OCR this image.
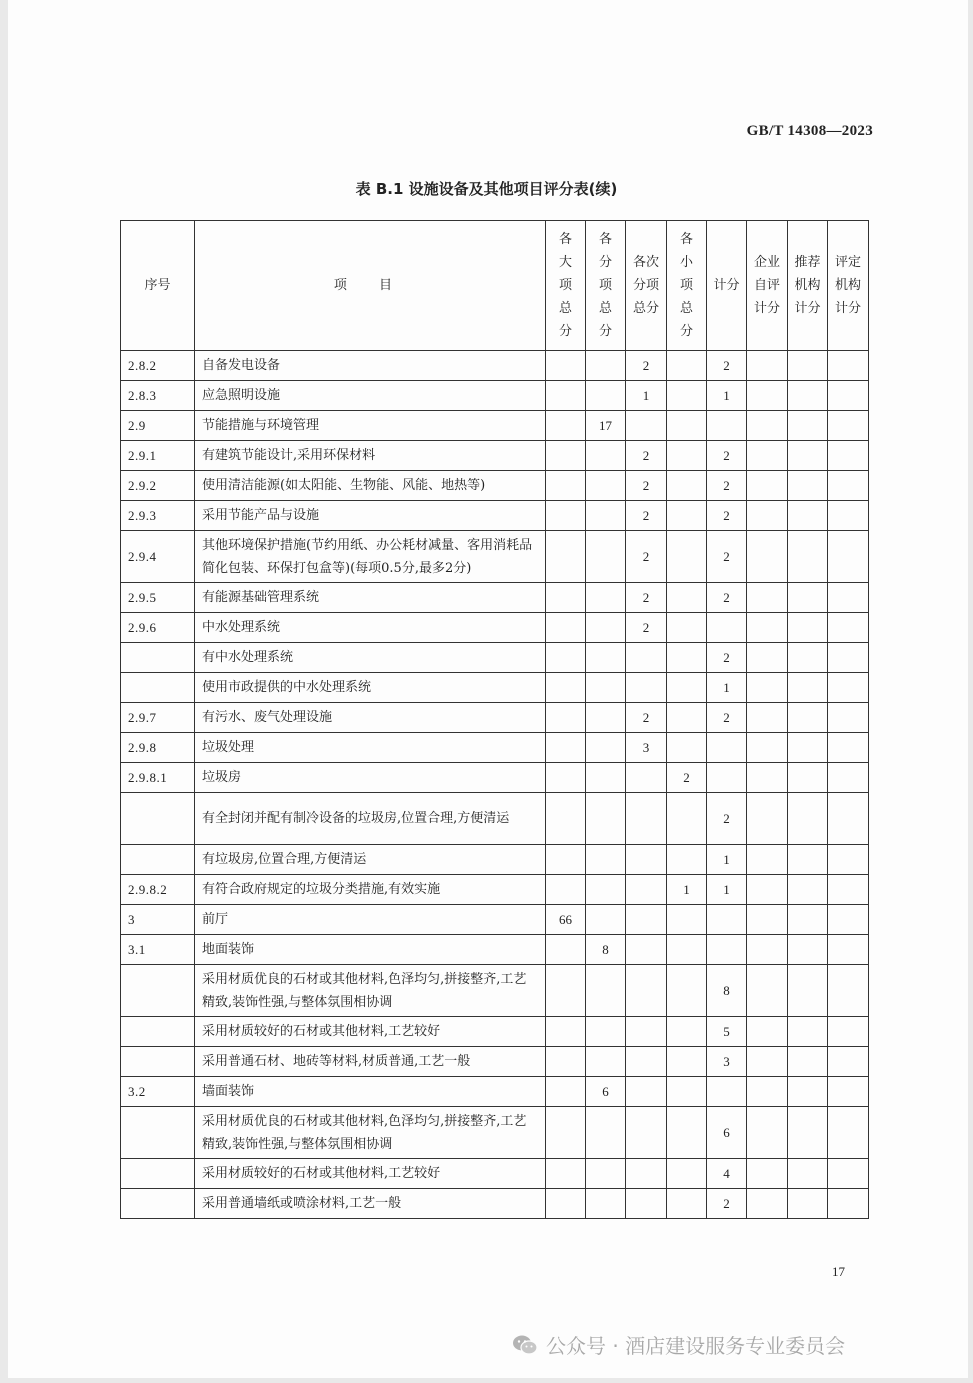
GB/T 14308—2023
表 B.1 设施设备及其他项目评分表(续)
序号	项 目	各
大
项
总
分	各
分
项
总
分	各次
分项
总分	各
小
项
总
分	计分	企业
自评
计分	推荐
机构
计分	评定
机构
计分
2.8.2	自备发电设备			2		2			
2.8.3	应急照明设施			1		1			
2.9	节能措施与环境管理		17						
2.9.1	有建筑节能设计,采用环保材料			2		2			
2.9.2	使用清洁能源(如太阳能、生物能、风能、地热等)			2		2			
2.9.3	采用节能产品与设施			2		2			
2.9.4	其他环境保护措施(节约用纸、办公耗材减量、客用消耗品简化包装、环保打包盒等)(每项0.5分,最多2分)			2		2			
2.9.5	有能源基础管理系统			2		2			
2.9.6	中水处理系统			2					
	有中水处理系统					2			
	使用市政提供的中水处理系统					1			
2.9.7	有污水、废气处理设施			2		2			
2.9.8	垃圾处理			3					
2.9.8.1	垃圾房				2				
	有全封闭并配有制冷设备的垃圾房,位置合理,方便清运					2			
	有垃圾房,位置合理,方便清运					1			
2.9.8.2	有符合政府规定的垃圾分类措施,有效实施				1	1			
3	前厅	66							
3.1	地面装饰		8						
	采用材质优良的石材或其他材料,色泽均匀,拼接整齐,工艺精致,装饰性强,与整体氛围相协调					8			
	采用材质较好的石材或其他材料,工艺较好					5			
	采用普通石材、地砖等材料,材质普通,工艺一般					3			
3.2	墙面装饰		6						
	采用材质优良的石材或其他材料,色泽均匀,拼接整齐,工艺精致,装饰性强,与整体氛围相协调					6			
	采用材质较好的石材或其他材料,工艺较好					4			
	采用普通墙纸或喷涂材料,工艺一般					2			
17
公众号 · 酒店建设服务专业委员会
